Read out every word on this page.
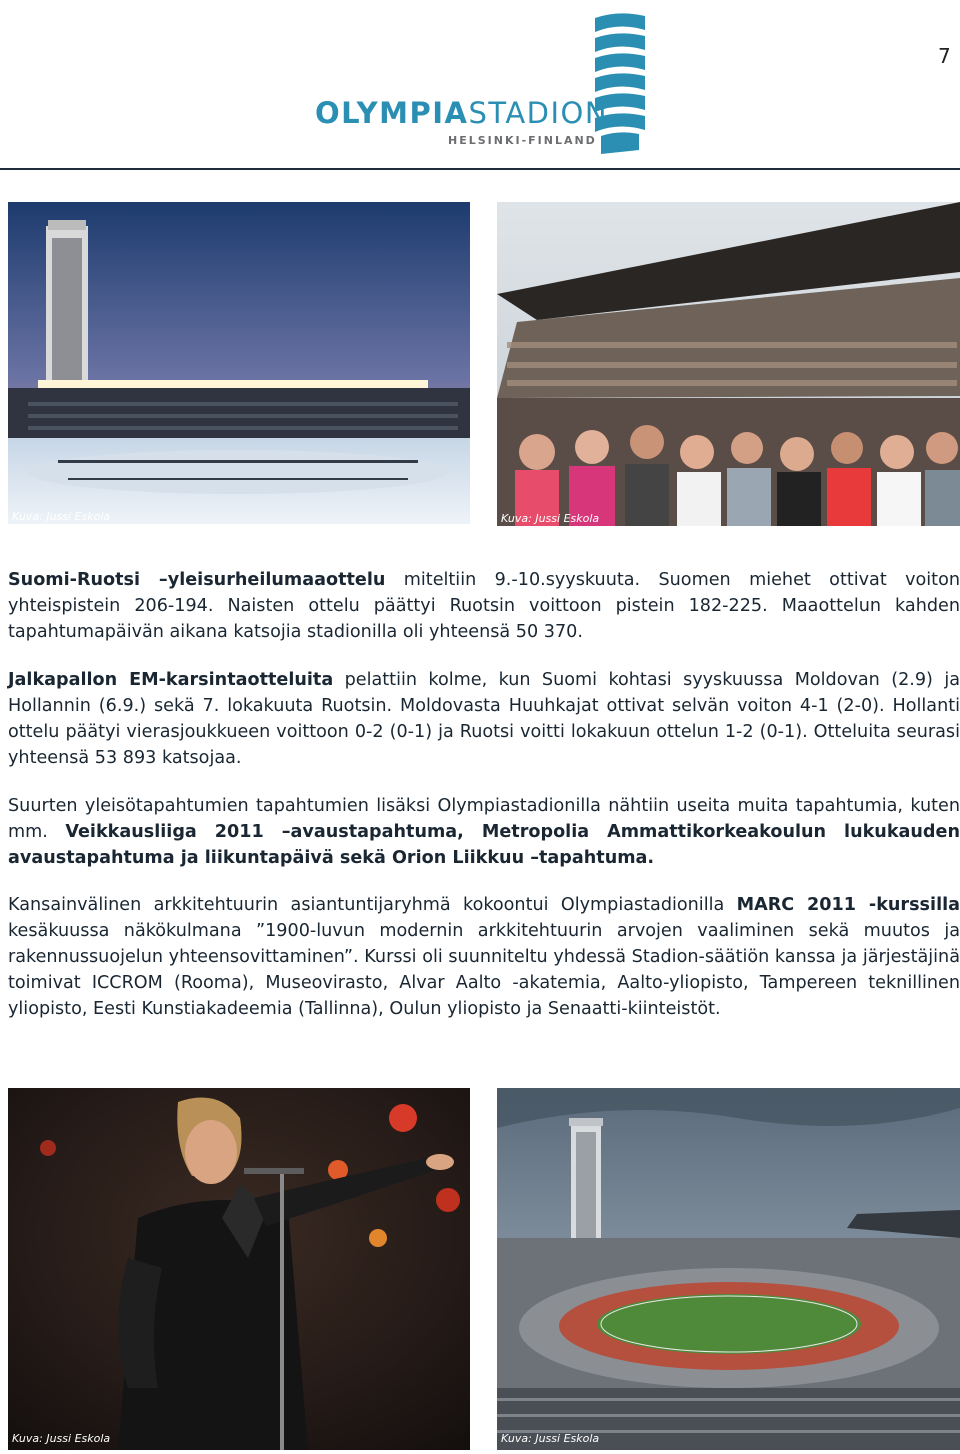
7
OLYMPIASTADION
HELSINKI-FINLAND
Kuva: Jussi Eskola	Kuva: Jussi Eskola
Suomi-Ruotsi –yleisurheilumaaottelu miteltiin 9.-10.syyskuuta. Suomen miehet ottivat voiton yhteispistein 206-194. Naisten ottelu päättyi Ruotsin voittoon pistein 182-225. Maaottelun kahden tapahtumapäivän aikana katsojia stadionilla oli yhteensä 50 370.
Jalkapallon EM-karsintaotteluita pelattiin kolme, kun Suomi kohtasi syyskuussa Moldovan (2.9) ja Hollannin (6.9.) sekä 7. lokakuuta Ruotsin. Moldovasta Huuhkajat ottivat selvän voiton 4-1 (2-0). Hollanti ottelu päätyi vierasjoukkueen voittoon 0-2 (0-1) ja Ruotsi voitti lokakuun ottelun 1-2 (0-1). Otteluita seurasi yhteensä 53 893 katsojaa.
Suurten yleisötapahtumien tapahtumien lisäksi Olympiastadionilla nähtiin useita muita tapahtumia, kuten mm. Veikkausliiga 2011 –avaustapahtuma, Metropolia Ammattikorkeakoulun lukukauden avaustapahtuma ja liikuntapäivä sekä Orion Liikkuu –tapahtuma.
Kansainvälinen arkkitehtuurin asiantuntijaryhmä kokoontui Olympiastadionilla MARC 2011 -kurssilla kesäkuussa näkökulmana ”1900-luvun modernin arkkitehtuurin arvojen vaaliminen sekä muutos ja rakennussuojelun yhteensovittaminen”. Kurssi oli suunniteltu yhdessä Stadion-säätiön kanssa ja järjestäjinä toimivat ICCROM (Rooma), Museovirasto, Alvar Aalto -akatemia, Aalto-yliopisto, Tampereen teknillinen yliopisto, Eesti Kunstiakadeemia (Tallinna), Oulun yliopisto ja Senaatti-kiinteistöt.
Kuva: Jussi Eskola	Kuva: Jussi Eskola
